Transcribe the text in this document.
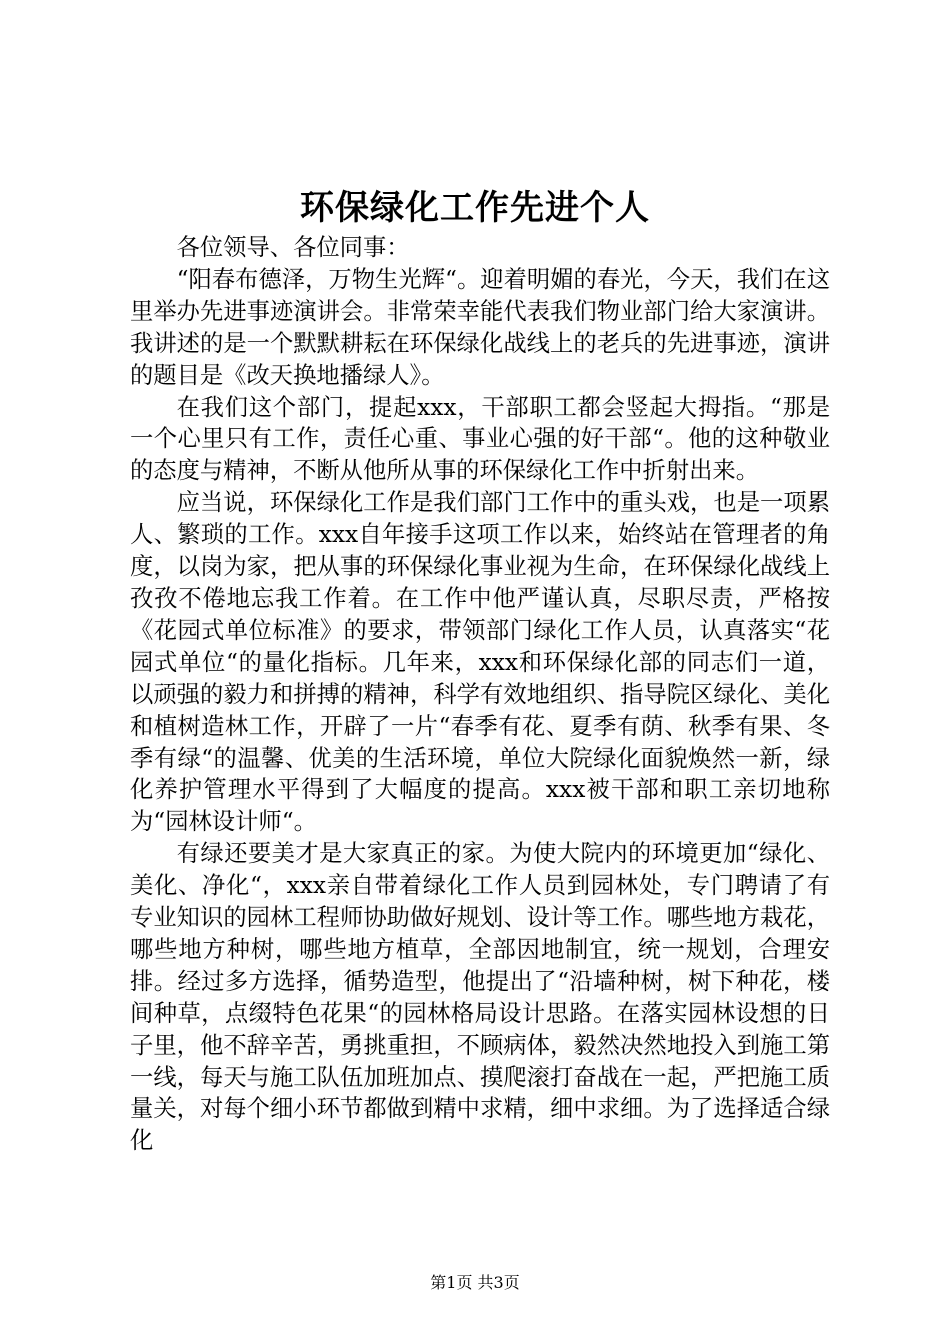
环保绿化工作先进个人

各位领导、各位同事：

“阳春布德泽，万物生光辉“。迎着明媚的春光，今天，我们在这里举办先进事迹演讲会。非常荣幸能代表我们物业部门给大家演讲。我讲述的是一个默默耕耘在环保绿化战线上的老兵的先进事迹，演讲的题目是《改天换地播绿人》。

在我们这个部门，提起xxx，干部职工都会竖起大拇指。“那是一个心里只有工作，责任心重、事业心强的好干部“。他的这种敬业的态度与精神，不断从他所从事的环保绿化工作中折射出来。

应当说，环保绿化工作是我们部门工作中的重头戏，也是一项累人、繁琐的工作。xxx自年接手这项工作以来，始终站在管理者的角度，以岗为家，把从事的环保绿化事业视为生命，在环保绿化战线上孜孜不倦地忘我工作着。在工作中他严谨认真，尽职尽责，严格按《花园式单位标准》的要求，带领部门绿化工作人员，认真落实“花园式单位“的量化指标。几年来，xxx和环保绿化部的同志们一道，以顽强的毅力和拼搏的精神，科学有效地组织、指导院区绿化、美化和植树造林工作，开辟了一片“春季有花、夏季有荫、秋季有果、冬季有绿“的温馨、优美的生活环境，单位大院绿化面貌焕然一新，绿化养护管理水平得到了大幅度的提高。xxx被干部和职工亲切地称为“园林设计师“。

有绿还要美才是大家真正的家。为使大院内的环境更加“绿化、美化、净化“，xxx亲自带着绿化工作人员到园林处，专门聘请了有专业知识的园林工程师协助做好规划、设计等工作。哪些地方栽花，哪些地方种树，哪些地方植草，全部因地制宜，统一规划，合理安排。经过多方选择，循势造型，他提出了“沿墙种树，树下种花，楼间种草，点缀特色花果“的园林格局设计思路。在落实园林设想的日子里，他不辞辛苦，勇挑重担，不顾病体，毅然决然地投入到施工第一线，每天与施工队伍加班加点、摸爬滚打奋战在一起，严把施工质量关，对每个细小环节都做到精中求精，细中求细。为了选择适合绿化

第1页 共3页
